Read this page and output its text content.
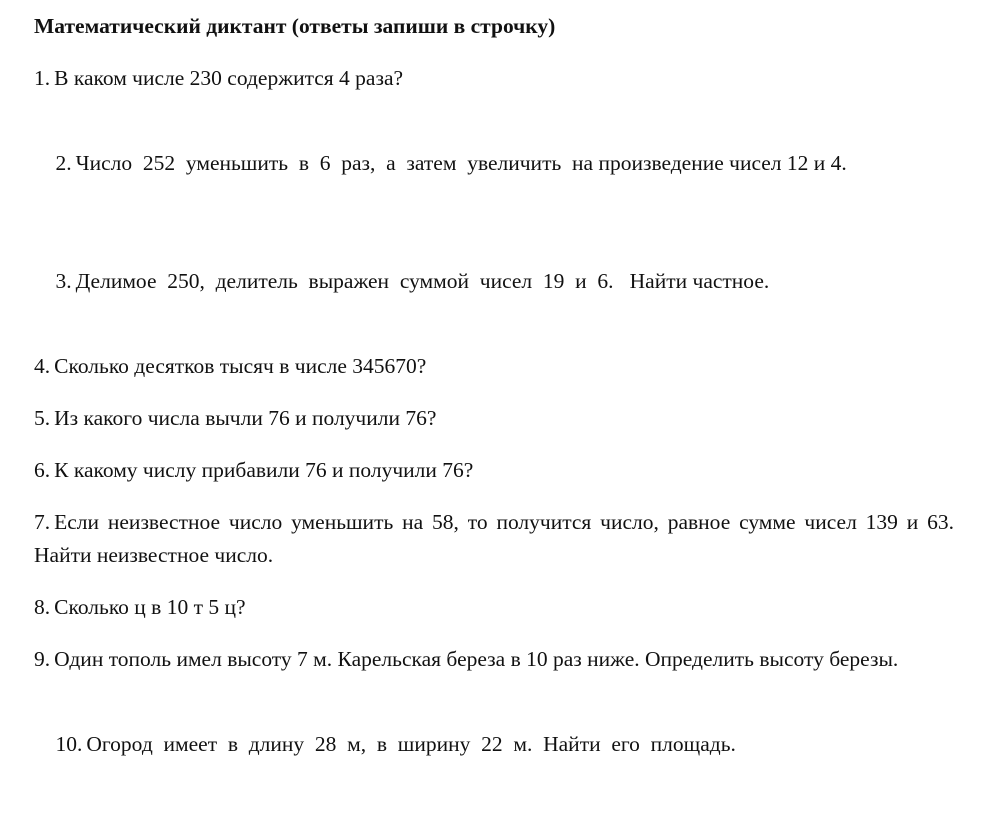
Математический диктант (ответы запиши в строчку)
1. В каком числе 230 содержится 4 раза?

2. Число  252  уменьшить  в  6  раз,  а  затем  увеличить  на произведение чисел 12 и 4.

3. Делимое  250,  делитель  выражен  суммой  чисел  19  и  6.   Найти частное.

4. Сколько десятков тысяч в числе 345670?
5. Из какого числа вычли 76 и получили 76?
6. К какому числу прибавили 76 и получили 76?
7. Если неизвестное число уменьшить на 58, то получится число, равное сумме чисел 139 и 63. Найти неизвестное число.
8. Сколько ц в 10 т 5 ц?
9. Один тополь имел высоту 7 м. Карельская береза в 10 раз ниже. Определить высоту березы.

10. Огород  имеет  в  длину  28  м,  в  ширину  22  м.  Найти  его  площадь.
